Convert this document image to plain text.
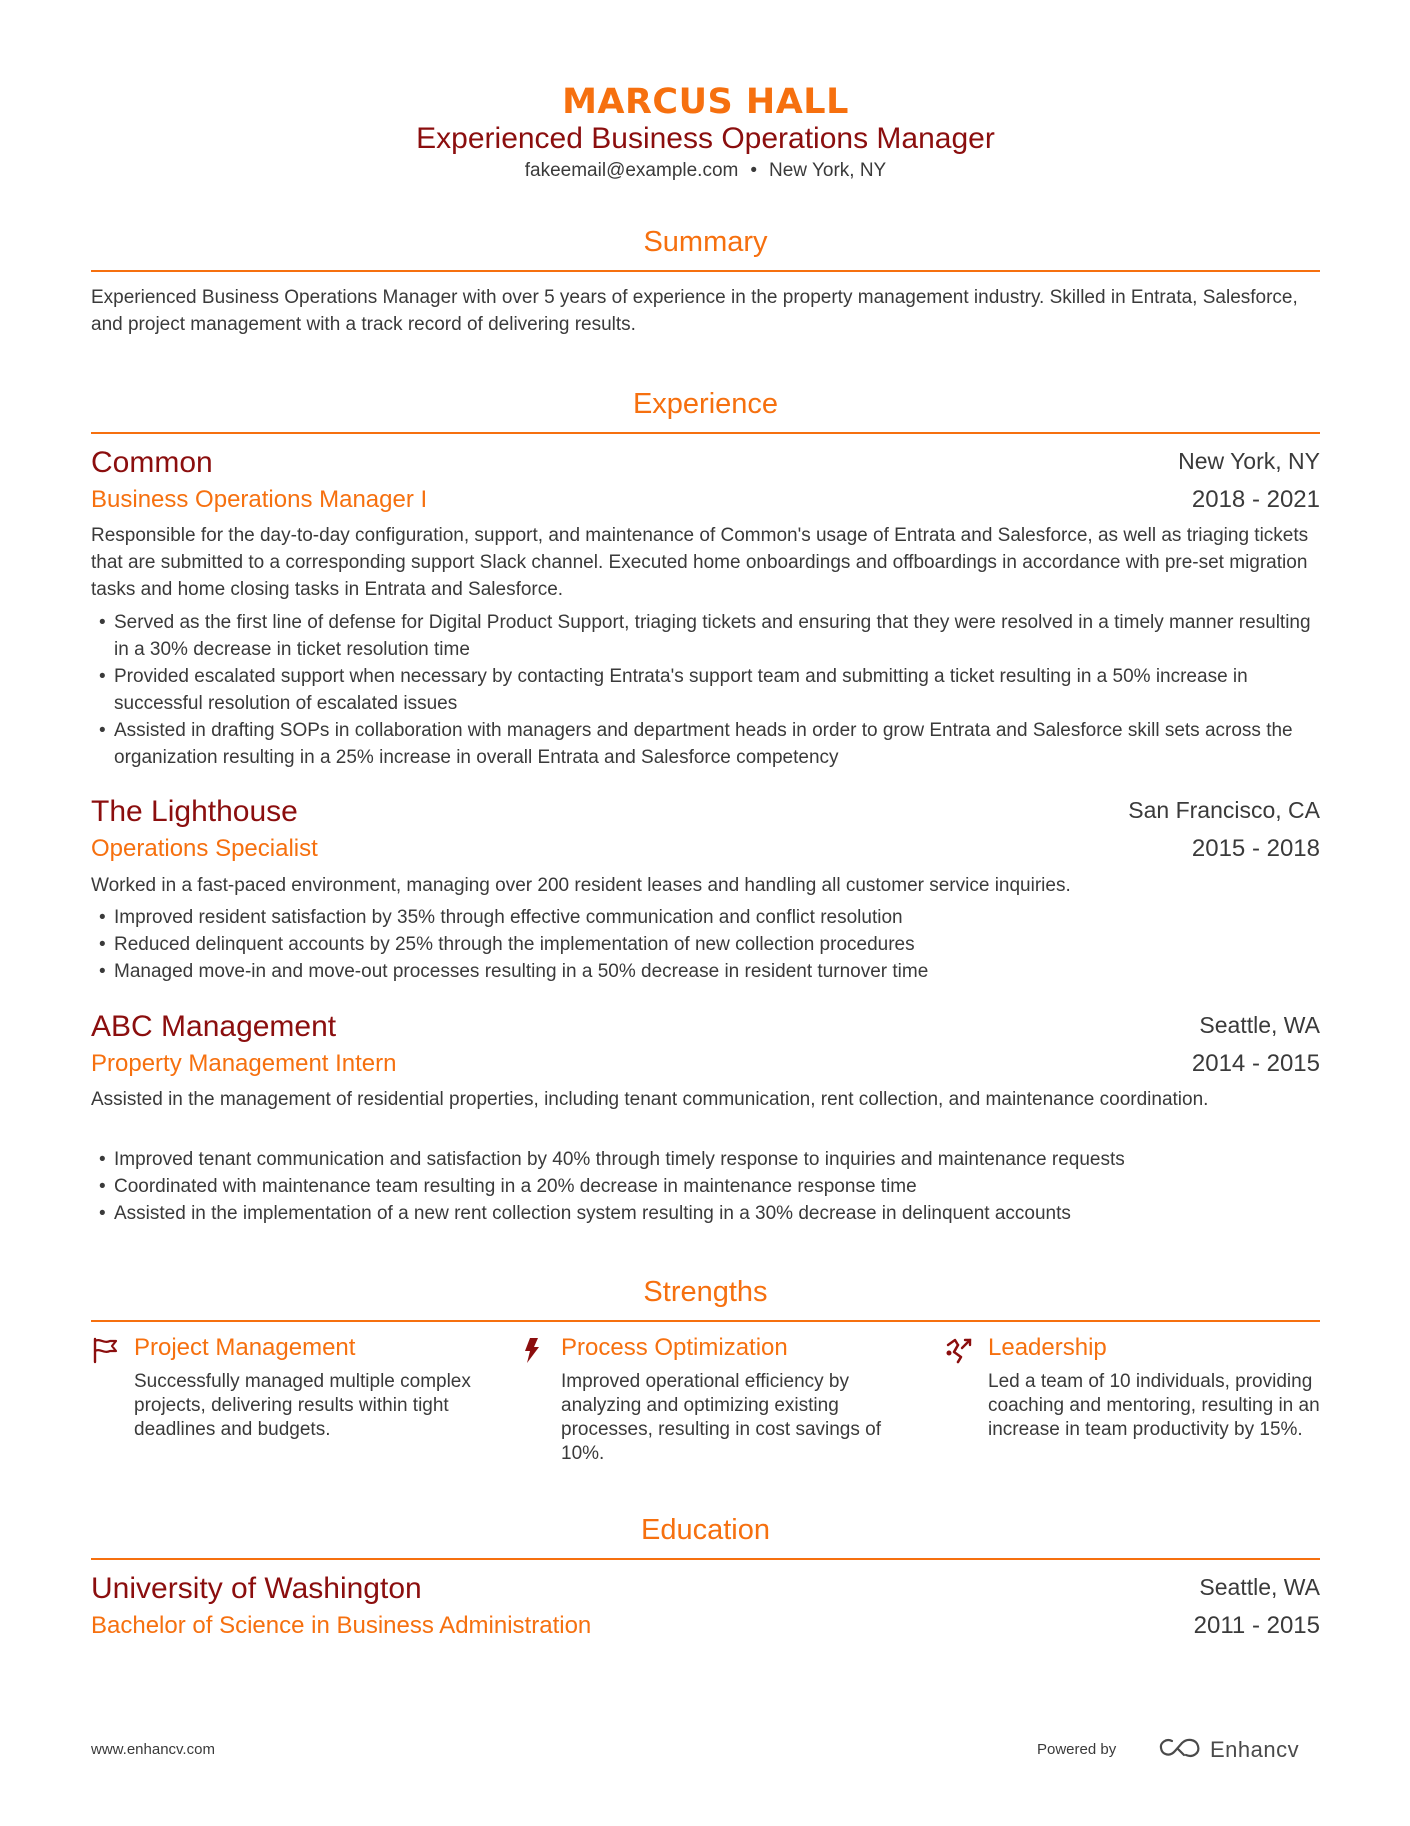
MARCUS HALL
Experienced Business Operations Manager
fakeemail@example.com • New York, NY
Summary
Experienced Business Operations Manager with over 5 years of experience in the property management industry. Skilled in Entrata, Salesforce, and project management with a track record of delivering results.
Experience
Common	New York, NY
Business Operations Manager I	2018 - 2021
Responsible for the day-to-day configuration, support, and maintenance of Common's usage of Entrata and Salesforce, as well as triaging tickets that are submitted to a corresponding support Slack channel. Executed home onboardings and offboardings in accordance with pre-set migration tasks and home closing tasks in Entrata and Salesforce.
• Served as the first line of defense for Digital Product Support, triaging tickets and ensuring that they were resolved in a timely manner resulting in a 30% decrease in ticket resolution time
• Provided escalated support when necessary by contacting Entrata's support team and submitting a ticket resulting in a 50% increase in successful resolution of escalated issues
• Assisted in drafting SOPs in collaboration with managers and department heads in order to grow Entrata and Salesforce skill sets across the organization resulting in a 25% increase in overall Entrata and Salesforce competency
The Lighthouse	San Francisco, CA
Operations Specialist	2015 - 2018
Worked in a fast-paced environment, managing over 200 resident leases and handling all customer service inquiries.
• Improved resident satisfaction by 35% through effective communication and conflict resolution
• Reduced delinquent accounts by 25% through the implementation of new collection procedures
• Managed move-in and move-out processes resulting in a 50% decrease in resident turnover time
ABC Management	Seattle, WA
Property Management Intern	2014 - 2015
Assisted in the management of residential properties, including tenant communication, rent collection, and maintenance coordination.
• Improved tenant communication and satisfaction by 40% through timely response to inquiries and maintenance requests
• Coordinated with maintenance team resulting in a 20% decrease in maintenance response time
• Assisted in the implementation of a new rent collection system resulting in a 30% decrease in delinquent accounts
Strengths
Project Management
Successfully managed multiple complex projects, delivering results within tight deadlines and budgets.
Process Optimization
Improved operational efficiency by analyzing and optimizing existing processes, resulting in cost savings of 10%.
Leadership
Led a team of 10 individuals, providing coaching and mentoring, resulting in an increase in team productivity by 15%.
Education
University of Washington	Seattle, WA
Bachelor of Science in Business Administration	2011 - 2015
www.enhancv.com	Powered by	Enhancv
